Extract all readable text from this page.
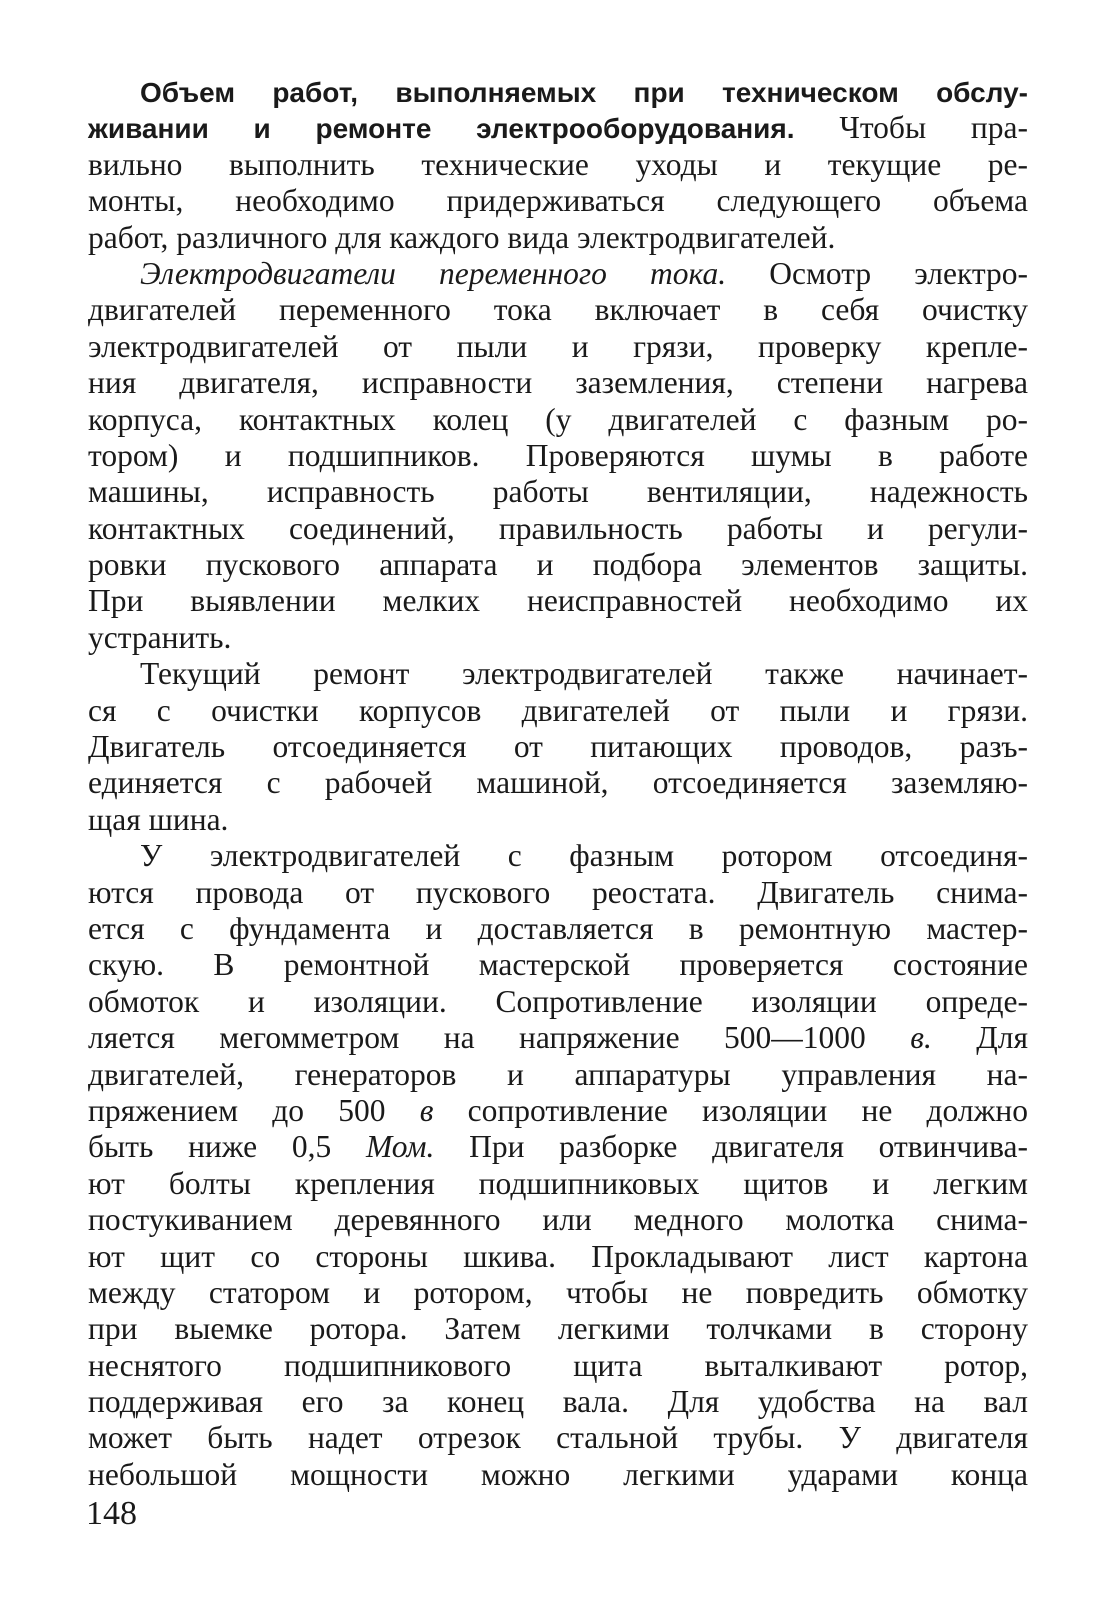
Объем работ, выполняемых при техническом обслу-
живании и ремонте электрооборудования. Чтобы пра-
вильно выполнить технические уходы и текущие ре-
монты, необходимо придерживаться следующего объема
работ, различного для каждого вида электродвигателей.
Электродвигатели переменного тока. Осмотр электро-
двигателей переменного тока включает в себя очистку
электродвигателей от пыли и грязи, проверку крепле-
ния двигателя, исправности заземления, степени нагрева
корпуса, контактных колец (у двигателей с фазным ро-
тором) и подшипников. Проверяются шумы в работе
машины, исправность работы вентиляции, надежность
контактных соединений, правильность работы и регули-
ровки пускового аппарата и подбора элементов защиты.
При выявлении мелких неисправностей необходимо их
устранить.
Текущий ремонт электродвигателей также начинает-
ся с очистки корпусов двигателей от пыли и грязи.
Двигатель отсоединяется от питающих проводов, разъ-
единяется с рабочей машиной, отсоединяется заземляю-
щая шина.
У электродвигателей с фазным ротором отсоединя-
ются провода от пускового реостата. Двигатель снима-
ется с фундамента и доставляется в ремонтную мастер-
скую. В ремонтной мастерской проверяется состояние
обмоток и изоляции. Сопротивление изоляции опреде-
ляется мегомметром на напряжение 500—1000 в. Для
двигателей, генераторов и аппаратуры управления на-
пряжением до 500 в сопротивление изоляции не должно
быть ниже 0,5 Мом. При разборке двигателя отвинчива-
ют болты крепления подшипниковых щитов и легким
постукиванием деревянного или медного молотка снима-
ют щит со стороны шкива. Прокладывают лист картона
между статором и ротором, чтобы не повредить обмотку
при выемке ротора. Затем легкими толчками в сторону
неснятого подшипникового щита выталкивают ротор,
поддерживая его за конец вала. Для удобства на вал
может быть надет отрезок стальной трубы. У двигателя
небольшой мощности можно легкими ударами конца
148
